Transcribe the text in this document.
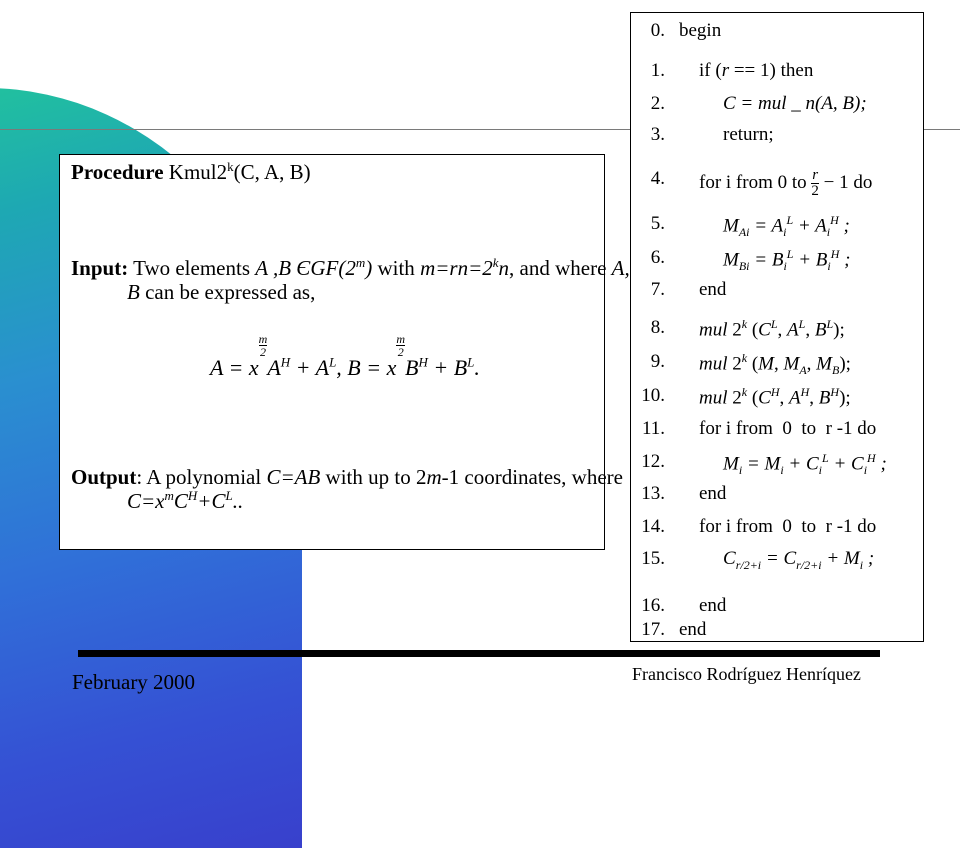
Procedure Kmul2$^k$(C, A, B)
Input: Two elements A ,B ЄGF(2$^m$) with $m=rn=2^kn$, and where A, B can be expressed as,
A = x
$\frac{m}{2}$
$A^H + A^L$, B = x
$\frac{m}{2}$
$B^H + B^L$.
Output: A polynomial C=AB with up to 2m-1 coordinates, where $C=x^mC^H+C^L$..
0. begin
1. if (r == 1) then
2.	C = mul _ n(A, B);
3.	return;
4. for i from 0 to $\frac{r}{2} - 1$ do
5.	$M_{Ai} = A_i^L + A_i^H$ ;
6.	$M_{Bi} = B_i^L + B_i^H$ ;
7. end
8. mul 2$^k$ ($C^L$, $A^L$, $B^L$);
9. mul 2$^k$ (M, $M_A$, $M_B$);
10. mul 2$^k$ ($C^H$, $A^H$, $B^H$);
11. for i from  0  to  r -1 do
12.	$M_i = M_i + C_i^L + C_i^H$ ;
13. end
14. for i from  0  to  r -1 do
15.	$C_{r/2+i} = C_{r/2+i} + M_i$ ;
16. end
17. end
February 2000	Francisco Rodríguez Henríquez
